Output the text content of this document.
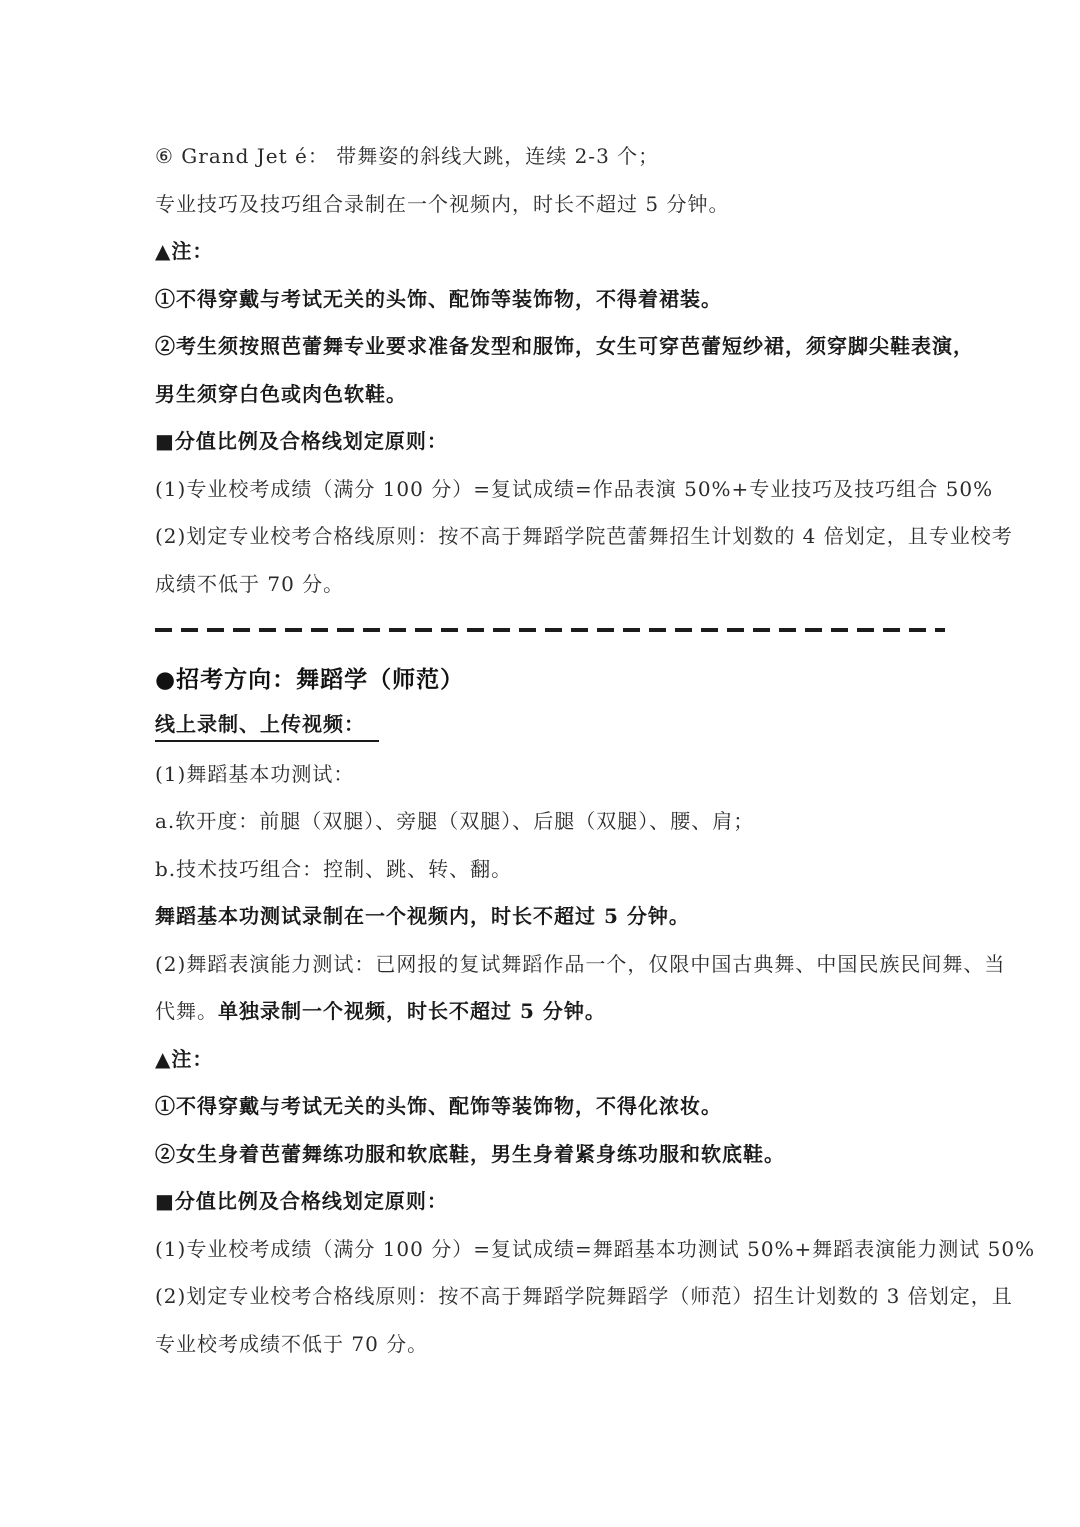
⑥ Grand Jet é： 带舞姿的斜线大跳，连续 2-3 个；
专业技巧及技巧组合录制在一个视频内，时长不超过 5 分钟。
▲注：
①不得穿戴与考试无关的头饰、配饰等装饰物，不得着裙装。
②考生须按照芭蕾舞专业要求准备发型和服饰，女生可穿芭蕾短纱裙，须穿脚尖鞋表演，
男生须穿白色或肉色软鞋。
■分值比例及合格线划定原则：
(1)专业校考成绩（满分 100 分）=复试成绩=作品表演 50%+专业技巧及技巧组合 50%
(2)划定专业校考合格线原则：按不高于舞蹈学院芭蕾舞招生计划数的 4 倍划定，且专业校考
成绩不低于 70 分。
●招考方向：舞蹈学（师范）
线上录制、上传视频：
(1)舞蹈基本功测试：
a.软开度：前腿（双腿）、旁腿（双腿）、后腿（双腿）、腰、肩；
b.技术技巧组合：控制、跳、转、翻。
舞蹈基本功测试录制在一个视频内，时长不超过 5 分钟。
(2)舞蹈表演能力测试：已网报的复试舞蹈作品一个，仅限中国古典舞、中国民族民间舞、当
代舞。 单独录制一个视频，时长不超过 5 分钟。
▲注：
①不得穿戴与考试无关的头饰、配饰等装饰物，不得化浓妆。
②女生身着芭蕾舞练功服和软底鞋，男生身着紧身练功服和软底鞋。
■分值比例及合格线划定原则：
(1)专业校考成绩（满分 100 分）=复试成绩=舞蹈基本功测试 50%+舞蹈表演能力测试 50%
(2)划定专业校考合格线原则：按不高于舞蹈学院舞蹈学（师范）招生计划数的 3 倍划定，且
专业校考成绩不低于 70 分。
